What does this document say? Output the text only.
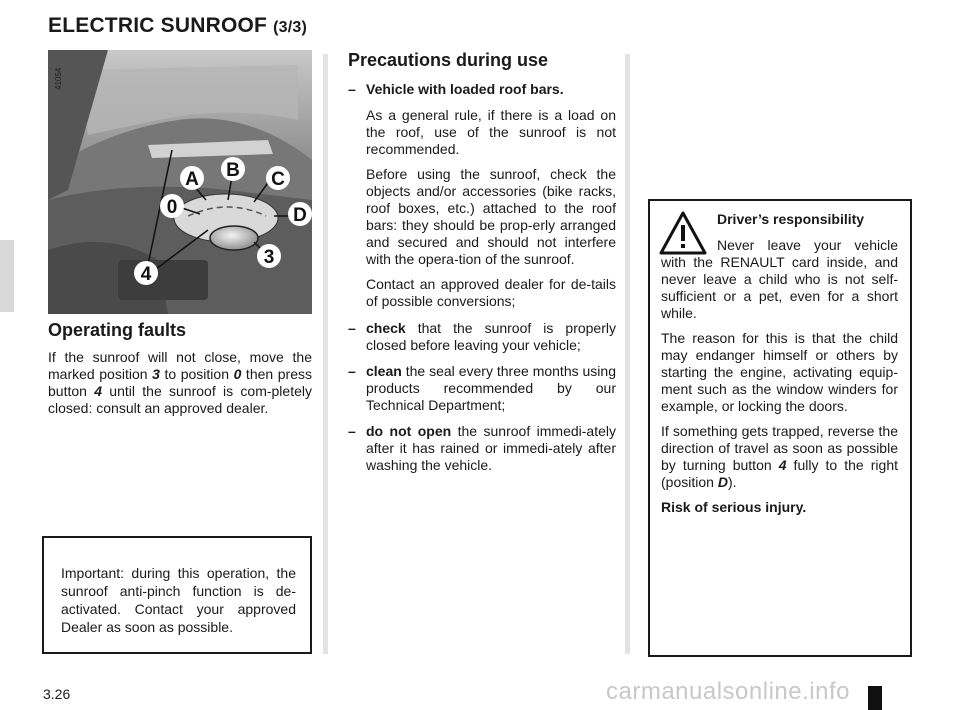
ELECTRIC SUNROOF (3/3)
A B C
0	D
3
4
41054
Operating faults
If the sunroof will not close, move the marked position 3 to position 0 then press button 4 until the sunroof is com-pletely closed: consult an approved dealer.
Important: during this operation, the sunroof anti-pinch function is de-activated. Contact your approved Dealer as soon as possible.
Precautions during use
– Vehicle with loaded roof bars.
As a general rule, if there is a load on the roof, use of the sunroof is not recommended.
Before using the sunroof, check the objects and/or accessories (bike racks, roof boxes, etc.) attached to the roof bars: they should be prop-erly arranged and secured and should not interfere with the opera-tion of the sunroof.
Contact an approved dealer for de-tails of possible conversions;
– check that the sunroof is properly closed before leaving your vehicle;
– clean the seal every three months using products recommended by our Technical Department;
– do not open the sunroof immedi-ately after it has rained or immedi-ately after washing the vehicle.
Driver’s responsibility
Never leave your vehicle with the RENAULT card inside, and never leave a child who is not self-sufficient or a pet, even for a short while.
The reason for this is that the child may endanger himself or others by starting the engine, activating equip-ment such as the window winders for example, or locking the doors.
If something gets trapped, reverse the direction of travel as soon as possible by turning button 4 fully to the right (position D).
Risk of serious injury.
3.26	carmanualsonline.info
